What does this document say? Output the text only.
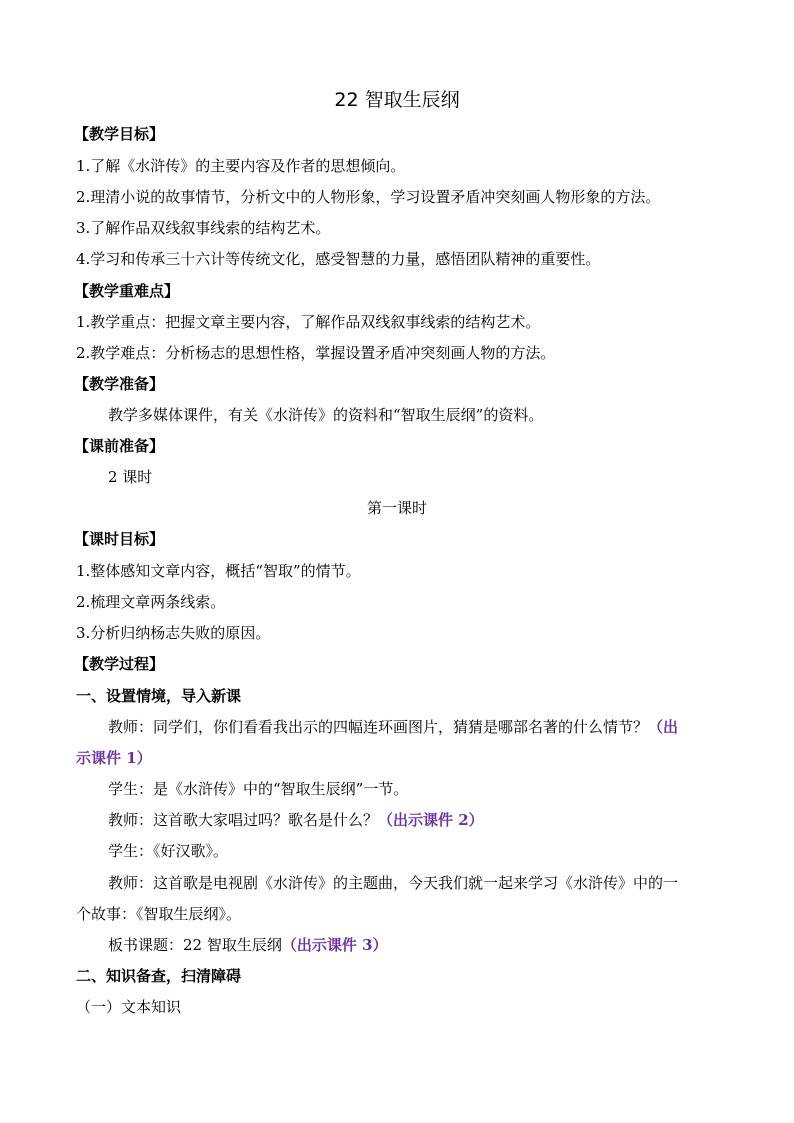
22 智取生辰纲
【教学目标】
1.了解《水浒传》的主要内容及作者的思想倾向。
2.理清小说的故事情节，分析文中的人物形象，学习设置矛盾冲突刻画人物形象的方法。
3.了解作品双线叙事线索的结构艺术。
4.学习和传承三十六计等传统文化，感受智慧的力量，感悟团队精神的重要性。
【教学重难点】
1.教学重点：把握文章主要内容，了解作品双线叙事线索的结构艺术。
2.教学难点：分析杨志的思想性格，掌握设置矛盾冲突刻画人物的方法。
【教学准备】
教学多媒体课件，有关《水浒传》的资料和“智取生辰纲”的资料。
【课前准备】
2 课时
第一课时
【课时目标】
1.整体感知文章内容，概括“智取”的情节。
2.梳理文章两条线索。
3.分析归纳杨志失败的原因。
【教学过程】
一、设置情境，导入新课
教师：同学们，你们看看我出示的四幅连环画图片，猜猜是哪部名著的什么情节？（出
示课件 1）
学生：是《水浒传》中的“智取生辰纲”一节。
教师：这首歌大家唱过吗？歌名是什么？（出示课件 2）
学生：《好汉歌》。
教师：这首歌是电视剧《水浒传》的主题曲，今天我们就一起来学习《水浒传》中的一
个故事：《智取生辰纲》。
板书课题：22 智取生辰纲（出示课件 3）
二、知识备查，扫清障碍
（一）文本知识
